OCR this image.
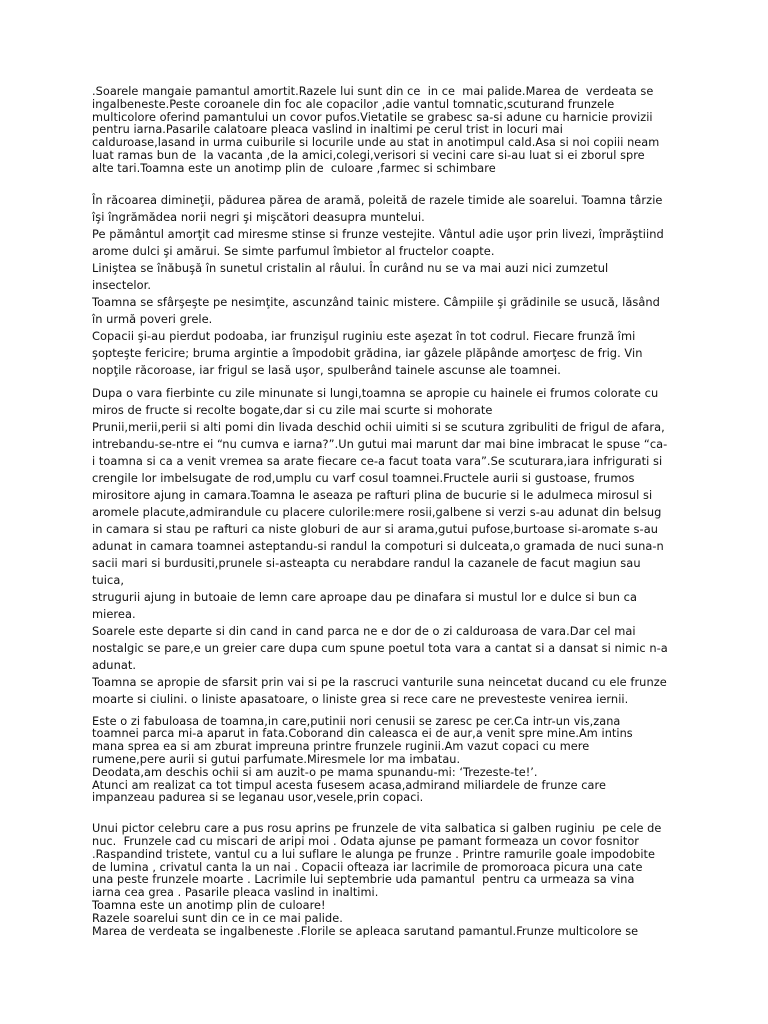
.Soarele mangaie pamantul amortit.Razele lui sunt din ce  in ce  mai palide.Marea de  verdeata se
ingalbeneste.Peste coroanele din foc ale copacilor ,adie vantul tomnatic,scuturand frunzele
multicolore oferind pamantului un covor pufos.Vietatile se grabesc sa-si adune cu harnicie provizii
pentru iarna.Pasarile calatoare pleaca vaslind in inaltimi pe cerul trist in locuri mai
calduroase,lasand in urma cuiburile si locurile unde au stat in anotimpul cald.Asa si noi copiii neam
luat ramas bun de  la vacanta ,de la amici,colegi,verisori si vecini care si-au luat si ei zborul spre
alte tari.Toamna este un anotimp plin de  culoare ,farmec si schimbare
În răcoarea dimineţii, pădurea părea de aramă, poleită de razele timide ale soarelui. Toamna târzie
îşi îngrămădea norii negri şi mişcători deasupra muntelui.
Pe pământul amorţit cad miresme stinse si frunze vestejite. Vântul adie uşor prin livezi, împrăştiind
arome dulci şi amărui. Se simte parfumul îmbietor al fructelor coapte.
Liniştea se înăbuşă în sunetul cristalin al râului. În curând nu se va mai auzi nici zumzetul
insectelor.
Toamna se sfârşeşte pe nesimţite, ascunzând tainic mistere. Câmpiile şi grădinile se usucă, lăsând
în urmă poveri grele.
Copacii şi-au pierdut podoaba, iar frunzişul ruginiu este aşezat în tot codrul. Fiecare frunză îmi
şopteşte fericire; bruma argintie a împodobit grădina, iar gâzele plăpânde amorţesc de frig. Vin
nopţile răcoroase, iar frigul se lasă uşor, spulberând tainele ascunse ale toamnei.
Dupa o vara fierbinte cu zile minunate si lungi,toamna se apropie cu hainele ei frumos colorate cu
miros de fructe si recolte bogate,dar si cu zile mai scurte si mohorate
Prunii,merii,perii si alti pomi din livada deschid ochii uimiti si se scutura zgribuliti de frigul de afara,
intrebandu-se-ntre ei “nu cumva e iarna?”.Un gutui mai marunt dar mai bine imbracat le spuse “ca-
i toamna si ca a venit vremea sa arate fiecare ce-a facut toata vara”.Se scuturara,iara infrigurati si
crengile lor imbelsugate de rod,umplu cu varf cosul toamnei.Fructele aurii si gustoase, frumos
mirositore ajung in camara.Toamna le aseaza pe rafturi plina de bucurie si le adulmeca mirosul si
aromele placute,admirandule cu placere culorile:mere rosii,galbene si verzi s-au adunat din belsug
in camara si stau pe rafturi ca niste globuri de aur si arama,gutui pufose,burtoase si-aromate s-au
adunat in camara toamnei asteptandu-si randul la compoturi si dulceata,o gramada de nuci suna-n
sacii mari si burdusiti,prunele si-asteapta cu nerabdare randul la cazanele de facut magiun sau
tuica,
strugurii ajung in butoaie de lemn care aproape dau pe dinafara si mustul lor e dulce si bun ca
mierea.
Soarele este departe si din cand in cand parca ne e dor de o zi calduroasa de vara.Dar cel mai
nostalgic se pare,e un greier care dupa cum spune poetul tota vara a cantat si a dansat si nimic n-a
adunat.
Toamna se apropie de sfarsit prin vai si pe la rascruci vanturile suna neincetat ducand cu ele frunze
moarte si ciulini. o liniste apasatoare, o liniste grea si rece care ne prevesteste venirea iernii.
Este o zi fabuloasa de toamna,in care,putinii nori cenusii se zaresc pe cer.Ca intr-un vis,zana
toamnei parca mi-a aparut in fata.Coborand din caleasca ei de aur,a venit spre mine.Am intins
mana sprea ea si am zburat impreuna printre frunzele ruginii.Am vazut copaci cu mere
rumene,pere aurii si gutui parfumate.Miresmele lor ma imbatau.
Deodata,am deschis ochii si am auzit-o pe mama spunandu-mi: ‘Trezeste-te!’.
Atunci am realizat ca tot timpul acesta fusesem acasa,admirand miliardele de frunze care
impanzeau padurea si se leganau usor,vesele,prin copaci.
Unui pictor celebru care a pus rosu aprins pe frunzele de vita salbatica si galben ruginiu  pe cele de
nuc.  Frunzele cad cu miscari de aripi moi . Odata ajunse pe pamant formeaza un covor fosnitor
.Raspandind tristete, vantul cu a lui suflare le alunga pe frunze . Printre ramurile goale impodobite
de lumina , crivatul canta la un nai . Copacii ofteaza iar lacrimile de promoroaca picura una cate
una peste frunzele moarte . Lacrimile lui septembrie uda pamantul  pentru ca urmeaza sa vina
iarna cea grea . Pasarile pleaca vaslind in inaltimi.
Toamna este un anotimp plin de culoare!
Razele soarelui sunt din ce in ce mai palide.
Marea de verdeata se ingalbeneste .Florile se apleaca sarutand pamantul.Frunze multicolore se
